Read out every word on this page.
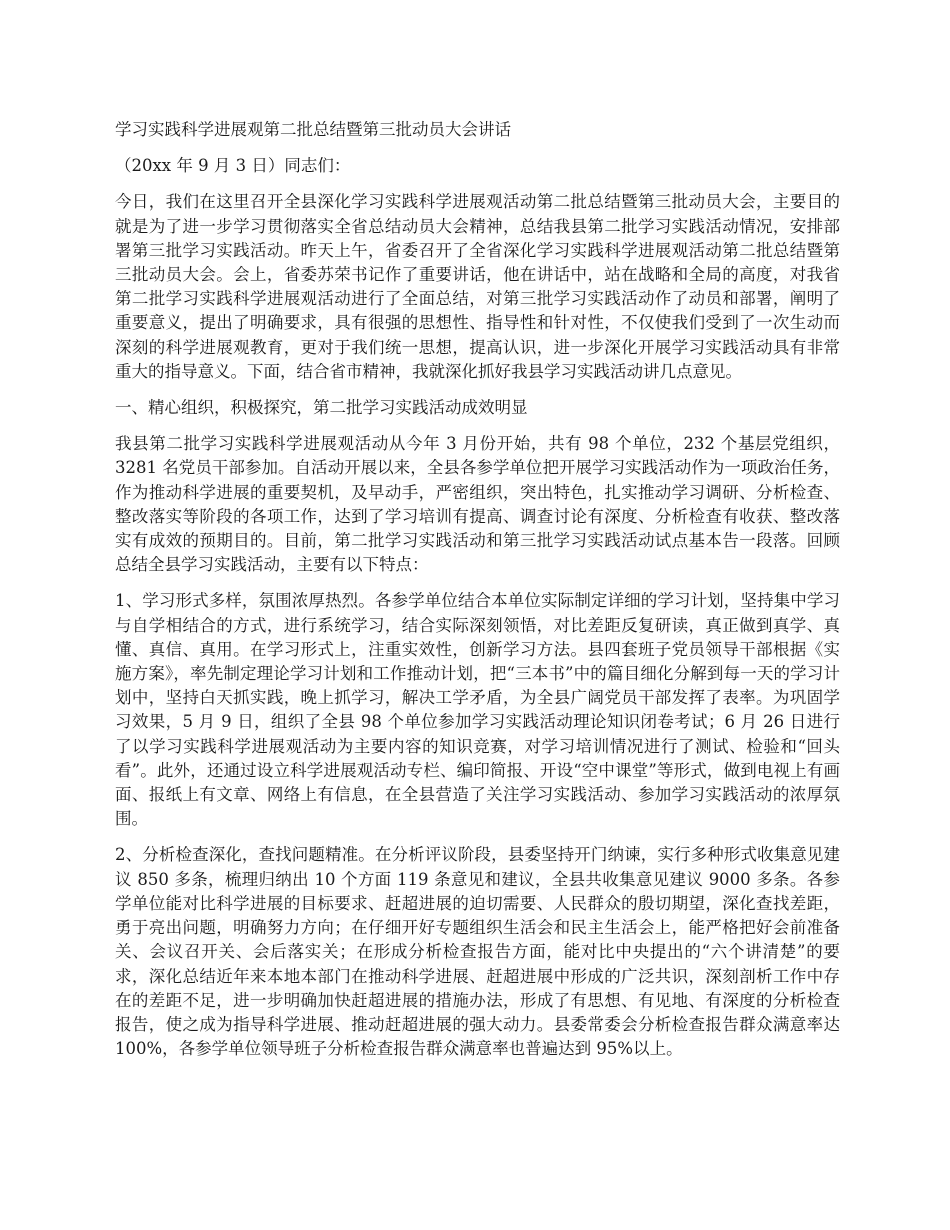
学习实践科学进展观第二批总结暨第三批动员大会讲话

（20xx 年 9 月 3 日）同志们：

今日，我们在这里召开全县深化学习实践科学进展观活动第二批总结暨第三批动员大会，主要目的就是为了进一步学习贯彻落实全省总结动员大会精神，总结我县第二批学习实践活动情况，安排部署第三批学习实践活动。昨天上午，省委召开了全省深化学习实践科学进展观活动第二批总结暨第三批动员大会。会上，省委苏荣书记作了重要讲话，他在讲话中，站在战略和全局的高度，对我省第二批学习实践科学进展观活动进行了全面总结，对第三批学习实践活动作了动员和部署，阐明了重要意义，提出了明确要求，具有很强的思想性、指导性和针对性，不仅使我们受到了一次生动而深刻的科学进展观教育，更对于我们统一思想，提高认识，进一步深化开展学习实践活动具有非常重大的指导意义。下面，结合省市精神，我就深化抓好我县学习实践活动讲几点意见。

一、精心组织，积极探究，第二批学习实践活动成效明显

我县第二批学习实践科学进展观活动从今年 3 月份开始，共有 98 个单位，232 个基层党组织，3281 名党员干部参加。自活动开展以来，全县各参学单位把开展学习实践活动作为一项政治任务，作为推动科学进展的重要契机，及早动手，严密组织，突出特色，扎实推动学习调研、分析检查、整改落实等阶段的各项工作，达到了学习培训有提高、调查讨论有深度、分析检查有收获、整改落实有成效的预期目的。目前，第二批学习实践活动和第三批学习实践活动试点基本告一段落。回顾总结全县学习实践活动，主要有以下特点：

1、学习形式多样，氛围浓厚热烈。各参学单位结合本单位实际制定详细的学习计划，坚持集中学习与自学相结合的方式，进行系统学习，结合实际深刻领悟，对比差距反复研读，真正做到真学、真懂、真信、真用。在学习形式上，注重实效性，创新学习方法。县四套班子党员领导干部根据《实施方案》，率先制定理论学习计划和工作推动计划，把“三本书”中的篇目细化分解到每一天的学习计划中，坚持白天抓实践，晚上抓学习，解决工学矛盾，为全县广阔党员干部发挥了表率。为巩固学习效果，5 月 9 日，组织了全县 98 个单位参加学习实践活动理论知识闭卷考试；6 月 26 日进行了以学习实践科学进展观活动为主要内容的知识竞赛，对学习培训情况进行了测试、检验和“回头看”。此外，还通过设立科学进展观活动专栏、编印简报、开设“空中课堂”等形式，做到电视上有画面、报纸上有文章、网络上有信息，在全县营造了关注学习实践活动、参加学习实践活动的浓厚氛围。

2、分析检查深化，查找问题精准。在分析评议阶段，县委坚持开门纳谏，实行多种形式收集意见建议 850 多条，梳理归纳出 10 个方面 119 条意见和建议，全县共收集意见建议 9000 多条。各参学单位能对比科学进展的目标要求、赶超进展的迫切需要、人民群众的殷切期望，深化查找差距，勇于亮出问题，明确努力方向；在仔细开好专题组织生活会和民主生活会上，能严格把好会前准备关、会议召开关、会后落实关；在形成分析检查报告方面，能对比中央提出的“六个讲清楚”的要求，深化总结近年来本地本部门在推动科学进展、赶超进展中形成的广泛共识，深刻剖析工作中存在的差距不足，进一步明确加快赶超进展的措施办法，形成了有思想、有见地、有深度的分析检查报告，使之成为指导科学进展、推动赶超进展的强大动力。县委常委会分析检查报告群众满意率达 100%，各参学单位领导班子分析检查报告群众满意率也普遍达到 95%以上。
